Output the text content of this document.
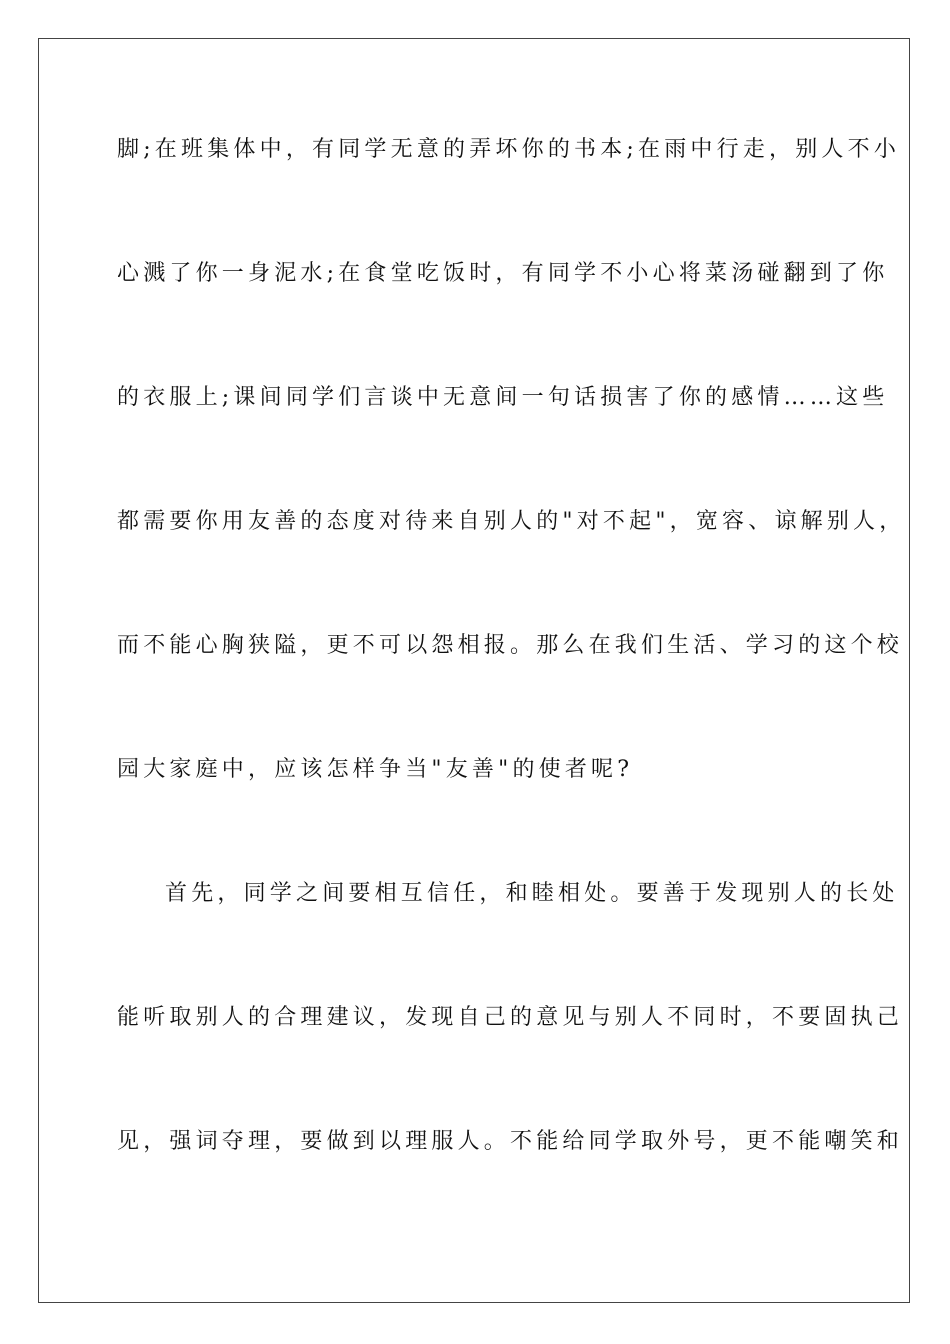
脚;在班集体中，有同学无意的弄坏你的书本;在雨中行走，别人不小
心溅了你一身泥水;在食堂吃饭时，有同学不小心将菜汤碰翻到了你
的衣服上;课间同学们言谈中无意间一句话损害了你的感情……这些
都需要你用友善的态度对待来自别人的"对不起"，宽容、谅解别人，
而不能心胸狭隘，更不可以怨相报。那么在我们生活、学习的这个校
园大家庭中，应该怎样争当"友善"的使者呢?
首先，同学之间要相互信任，和睦相处。要善于发现别人的长处
能听取别人的合理建议，发现自己的意见与别人不同时，不要固执己
见，强词夺理，要做到以理服人。不能给同学取外号，更不能嘲笑和
